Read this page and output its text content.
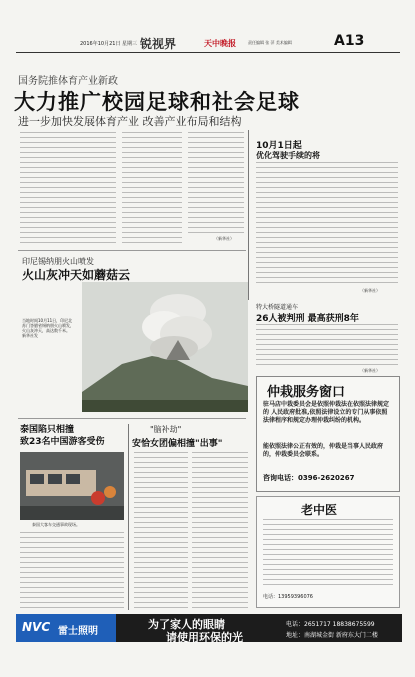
2016年10月21日 星期三 锐视界	天中晚报	责任编辑 张 萍 美术编辑	A13
国务院推体育产业新政
大力推广校园足球和社会足球
进一步加快发展体育产业 改善产业布局和结构
（新华社）
10月1日起
优化驾驶手续的将
（新华社）
印尼锡纳朋火山喷发
火山灰冲天如蘑菇云
当地时间10月11日，印尼北苏门答腊省锡纳朋火山喷发，火山灰冲天，高达数千米。
新华社发
特大桥隧道通车
26人被判刑 最高获刑8年
（新华社）
仲栽服务窗口
驻马店中栽委员会是依照仲栽法在依照法律规定的 人民政府批准,依照法律设立的专门从事依照法律程序和规定办理仲栽纠纷的机构。
能依照法律公正有效的，仲栽是当事人民政府的，仲栽委员会联系。
咨询电话：0396-2620267
泰国陷只相撞
致23名中国游客受伤
泰国大客车交通事故现场。
"脑补劫"
安恰女团偏相撞"出事"
老中医
电话：13959396076
NVC 雷士照明
为了家人的眼睛
请使用环保的光
电话：2651717 18838675599
地址：南湖城金街 新府东大门二楼
